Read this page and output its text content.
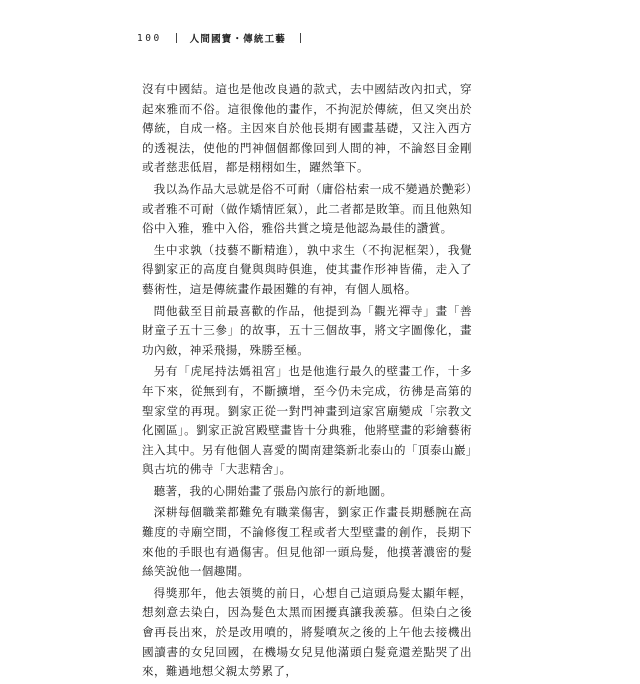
100	人間國寶・傳統工藝

沒有中國結。這也是他改良過的款式，去中國結改內扣式，穿起來雅而不俗。這很像他的畫作，不拘泥於傳統，但又突出於傳統，自成一格。主因來自於他長期有國畫基礎，又注入西方的透視法，使他的門神個個都像回到人間的神，不論怒目金剛或者慈悲低眉，都是栩栩如生，躍然筆下。

我以為作品大忌就是俗不可耐（庸俗枯索一成不變過於艷彩）或者雅不可耐（做作矯情匠氣），此二者都是敗筆。而且他熟知俗中入雅，雅中入俗，雅俗共賞之境是他認為最佳的讚賞。

生中求孰（技藝不斷精進），孰中求生（不拘泥框架），我覺得劉家正的高度自覺與與時俱進，使其畫作形神皆備，走入了藝術性，這是傳統畫作最困難的有神，有個人風格。

問他截至目前最喜歡的作品，他提到為「觀光禪寺」畫「善財童子五十三參」的故事，五十三個故事，將文字圖像化，畫功內斂，神采飛揚，殊勝至極。

另有「虎尾持法媽祖宮」也是他進行最久的壁畫工作，十多年下來，從無到有，不斷擴增，至今仍未完成，彷彿是高第的聖家堂的再現。劉家正從一對門神畫到這家宮廟變成「宗教文化園區」。劉家正說宮殿壁畫皆十分典雅，他將壁畫的彩繪藝術注入其中。另有他個人喜愛的閩南建築新北泰山的「頂泰山巖」與古坑的佛寺「大悲精舍」。

聽著，我的心開始畫了張島內旅行的新地圖。

深耕每個職業都難免有職業傷害，劉家正作畫長期懸腕在高難度的寺廟空間，不論修復工程或者大型壁畫的創作，長期下來他的手眼也有過傷害。但見他卻一頭烏髮，他摸著濃密的髮絲笑說他一個趣聞。

得獎那年，他去領獎的前日，心想自己這頭烏髮太顯年輕，想刻意去染白，因為髮色太黑而困擾真讓我羨慕。但染白之後會再長出來，於是改用噴的，將髮噴灰之後的上午他去接機出國讀書的女兒回國，在機場女兒見他滿頭白髮竟還差點哭了出來，難過地想父親太勞累了，
